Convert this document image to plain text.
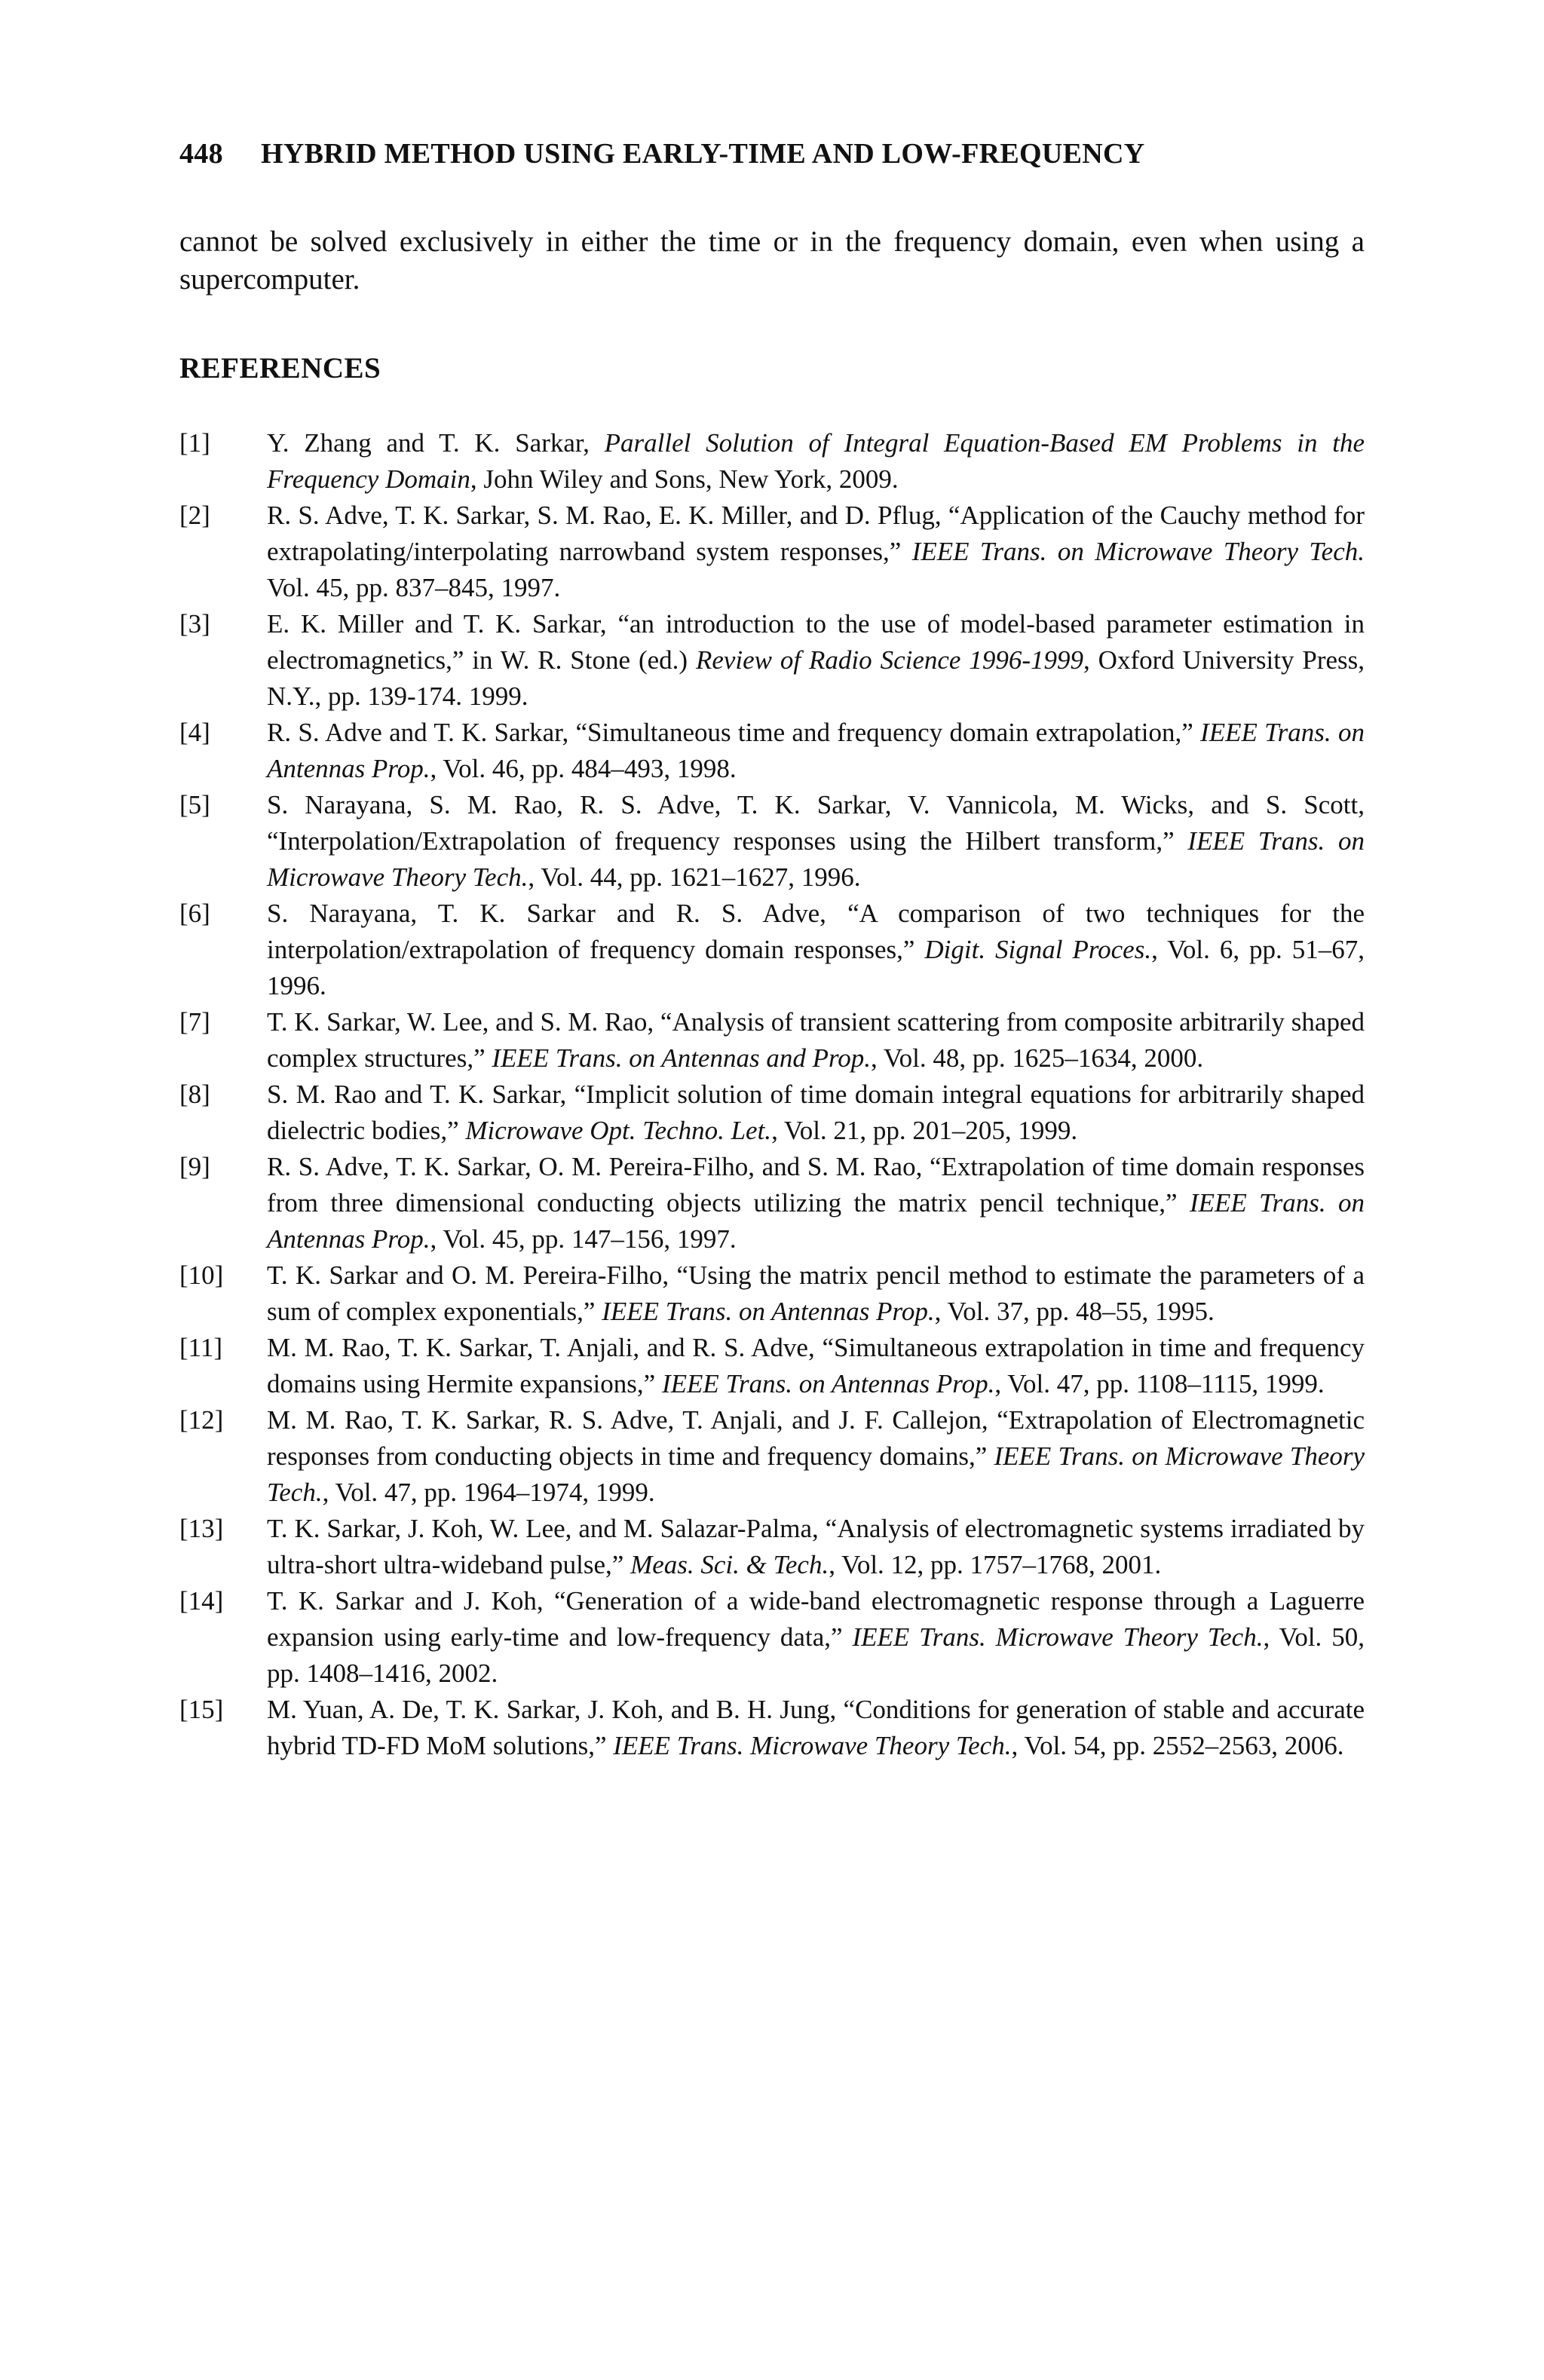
448	HYBRID METHOD USING EARLY-TIME AND LOW-FREQUENCY

cannot be solved exclusively in either the time or in the frequency domain, even when using a supercomputer.

REFERENCES
[1]	Y. Zhang and T. K. Sarkar, Parallel Solution of Integral Equation-Based EM Problems in the Frequency Domain, John Wiley and Sons, New York, 2009.
[2]	R. S. Adve, T. K. Sarkar, S. M. Rao, E. K. Miller, and D. Pflug, “Application of the Cauchy method for extrapolating/interpolating narrowband system responses,” IEEE Trans. on Microwave Theory Tech. Vol. 45, pp. 837–845, 1997.
[3]	E. K. Miller and T. K. Sarkar, “an introduction to the use of model-based parameter estimation in electromagnetics,” in W. R. Stone (ed.) Review of Radio Science 1996-1999, Oxford University Press, N.Y., pp. 139-174. 1999.
[4]	R. S. Adve and T. K. Sarkar, “Simultaneous time and frequency domain extrapolation,” IEEE Trans. on Antennas Prop., Vol. 46, pp. 484–493, 1998.
[5]	S. Narayana, S. M. Rao, R. S. Adve, T. K. Sarkar, V. Vannicola, M. Wicks, and S. Scott, “Interpolation/Extrapolation of frequency responses using the Hilbert transform,” IEEE Trans. on Microwave Theory Tech., Vol. 44, pp. 1621–1627, 1996.
[6]	S. Narayana, T. K. Sarkar and R. S. Adve, “A comparison of two techniques for the interpolation/extrapolation of frequency domain responses,” Digit. Signal Proces., Vol. 6, pp. 51–67, 1996.
[7]	T. K. Sarkar, W. Lee, and S. M. Rao, “Analysis of transient scattering from composite arbitrarily shaped complex structures,” IEEE Trans. on Antennas and Prop., Vol. 48, pp. 1625–1634, 2000.
[8]	S. M. Rao and T. K. Sarkar, “Implicit solution of time domain integral equations for arbitrarily shaped dielectric bodies,” Microwave Opt. Techno. Let., Vol. 21, pp. 201–205, 1999.
[9]	R. S. Adve, T. K. Sarkar, O. M. Pereira-Filho, and S. M. Rao, “Extrapolation of time domain responses from three dimensional conducting objects utilizing the matrix pencil technique,” IEEE Trans. on Antennas Prop., Vol. 45, pp. 147–156, 1997.
[10]	T. K. Sarkar and O. M. Pereira-Filho, “Using the matrix pencil method to estimate the parameters of a sum of complex exponentials,” IEEE Trans. on Antennas Prop., Vol. 37, pp. 48–55, 1995.
[11]	M. M. Rao, T. K. Sarkar, T. Anjali, and R. S. Adve, “Simultaneous extrapolation in time and frequency domains using Hermite expansions,” IEEE Trans. on Antennas Prop., Vol. 47, pp. 1108–1115, 1999.
[12]	M. M. Rao, T. K. Sarkar, R. S. Adve, T. Anjali, and J. F. Callejon, “Extrapolation of Electromagnetic responses from conducting objects in time and frequency domains,” IEEE Trans. on Microwave Theory Tech., Vol. 47, pp. 1964–1974, 1999.
[13]	T. K. Sarkar, J. Koh, W. Lee, and M. Salazar-Palma, “Analysis of electromagnetic systems irradiated by ultra-short ultra-wideband pulse,” Meas. Sci. & Tech., Vol. 12, pp. 1757–1768, 2001.
[14]	T. K. Sarkar and J. Koh, “Generation of a wide-band electromagnetic response through a Laguerre expansion using early-time and low-frequency data,” IEEE Trans. Microwave Theory Tech., Vol. 50, pp. 1408–1416, 2002.
[15]	M. Yuan, A. De, T. K. Sarkar, J. Koh, and B. H. Jung, “Conditions for generation of stable and accurate hybrid TD-FD MoM solutions,” IEEE Trans. Microwave Theory Tech., Vol. 54, pp. 2552–2563, 2006.
